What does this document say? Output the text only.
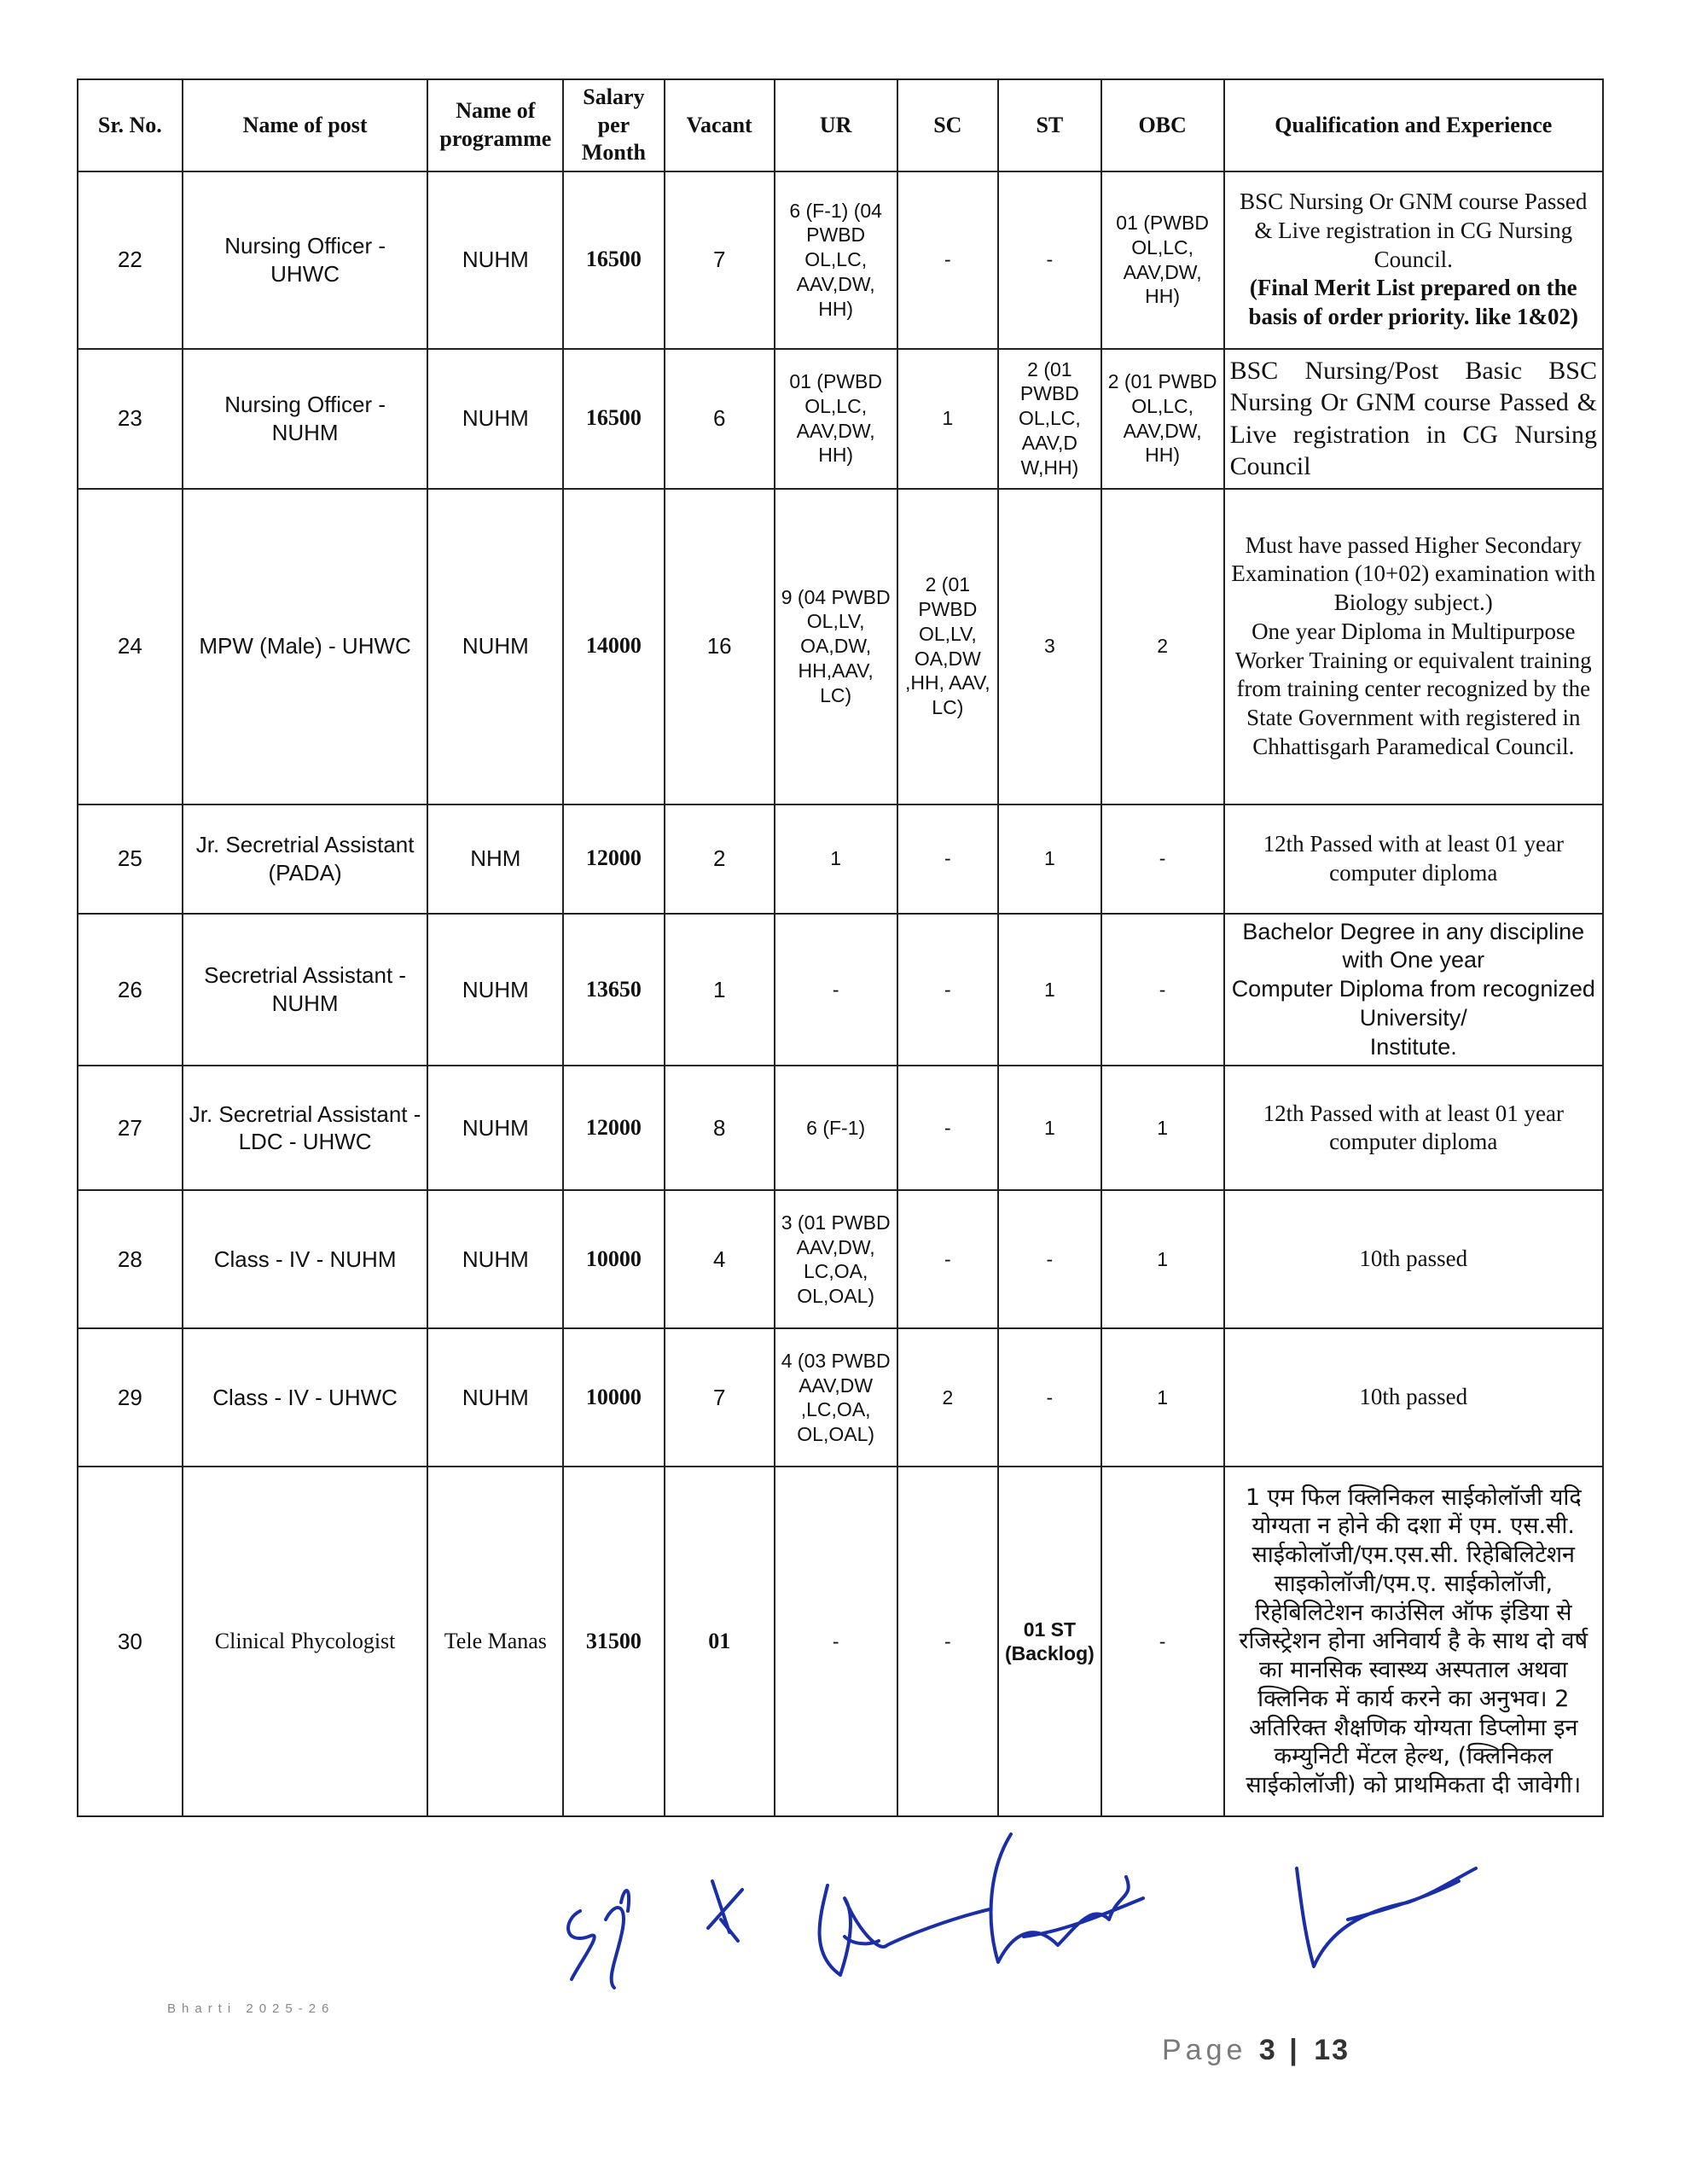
Sr. No.	Name of post	Name of programme	Salary per Month	Vacant	UR	SC	ST	OBC	Qualification and Experience
22	Nursing Officer - UHWC	NUHM	16500	7	6 (F-1) (04 PWBD OL,LC, AAV,DW, HH)	-	-	01 (PWBD OL,LC, AAV,DW, HH)	BSC Nursing Or GNM course Passed & Live registration in CG Nursing Council.
(Final Merit List prepared on the basis of order priority. like 1&02)

23	Nursing Officer - NUHM	NUHM	16500	6	01 (PWBD OL,LC, AAV,DW, HH)	1	2 (01 PWBD OL,LC, AAV,D W,HH)	2 (01 PWBD OL,LC, AAV,DW, HH)	BSC Nursing/Post Basic BSC Nursing Or GNM course Passed & Live registration in CG Nursing Council
24	MPW (Male) - UHWC	NUHM	14000	16	9 (04 PWBD OL,LV, OA,DW, HH,AAV, LC)	2 (01 PWBD OL,LV, OA,DW ,HH, AAV, LC)	3	2	Must have passed Higher Secondary Examination (10+02) examination with Biology subject.)
One year Diploma in Multipurpose Worker Training or equivalent training from training center recognized by the State Government with registered in Chhattisgarh Paramedical Council.

25	Jr. Secretrial Assistant (PADA)	NHM	12000	2	1	-	1	-	12th Passed with at least 01 year computer diploma
26	Secretrial Assistant - NUHM	NUHM	13650	1	-	-	1	-	Bachelor Degree in any discipline with One year
Computer Diploma from recognized University/
Institute.

27	Jr. Secretrial Assistant - LDC - UHWC	NUHM	12000	8	6 (F-1)	-	1	1	12th Passed with at least 01 year computer diploma
28	Class - IV - NUHM	NUHM	10000	4	3 (01 PWBD AAV,DW, LC,OA, OL,OAL)	-	-	1	10th passed
29	Class - IV - UHWC	NUHM	10000	7	4 (03 PWBD AAV,DW ,LC,OA, OL,OAL)	2	-	1	10th passed
30	Clinical Phycologist	Tele Manas	31500	01	-	-	01 ST (Backlog)	-	1 एम फिल क्लिनिकल साईकोलॉजी यदि योग्यता न होने की दशा में एम. एस.सी. साईकोलॉजी/एम.एस.सी. रिहेबिलिटेशन साइकोलॉजी/एम.ए. साईकोलॉजी, रिहेबिलिटेशन काउंसिल ऑफ इंडिया से रजिस्ट्रेशन होना अनिवार्य है के साथ दो वर्ष का मानसिक स्वास्थ्य अस्पताल अथवा क्लिनिक में कार्य करने का अनुभव। 2 अतिरिक्त शैक्षणिक योग्यता डिप्लोमा इन कम्युनिटी मेंटल हेल्थ, (क्लिनिकल साईकोलॉजी) को प्राथमिकता दी जावेगी।
Bharti 2025-26
Page 3 | 13
